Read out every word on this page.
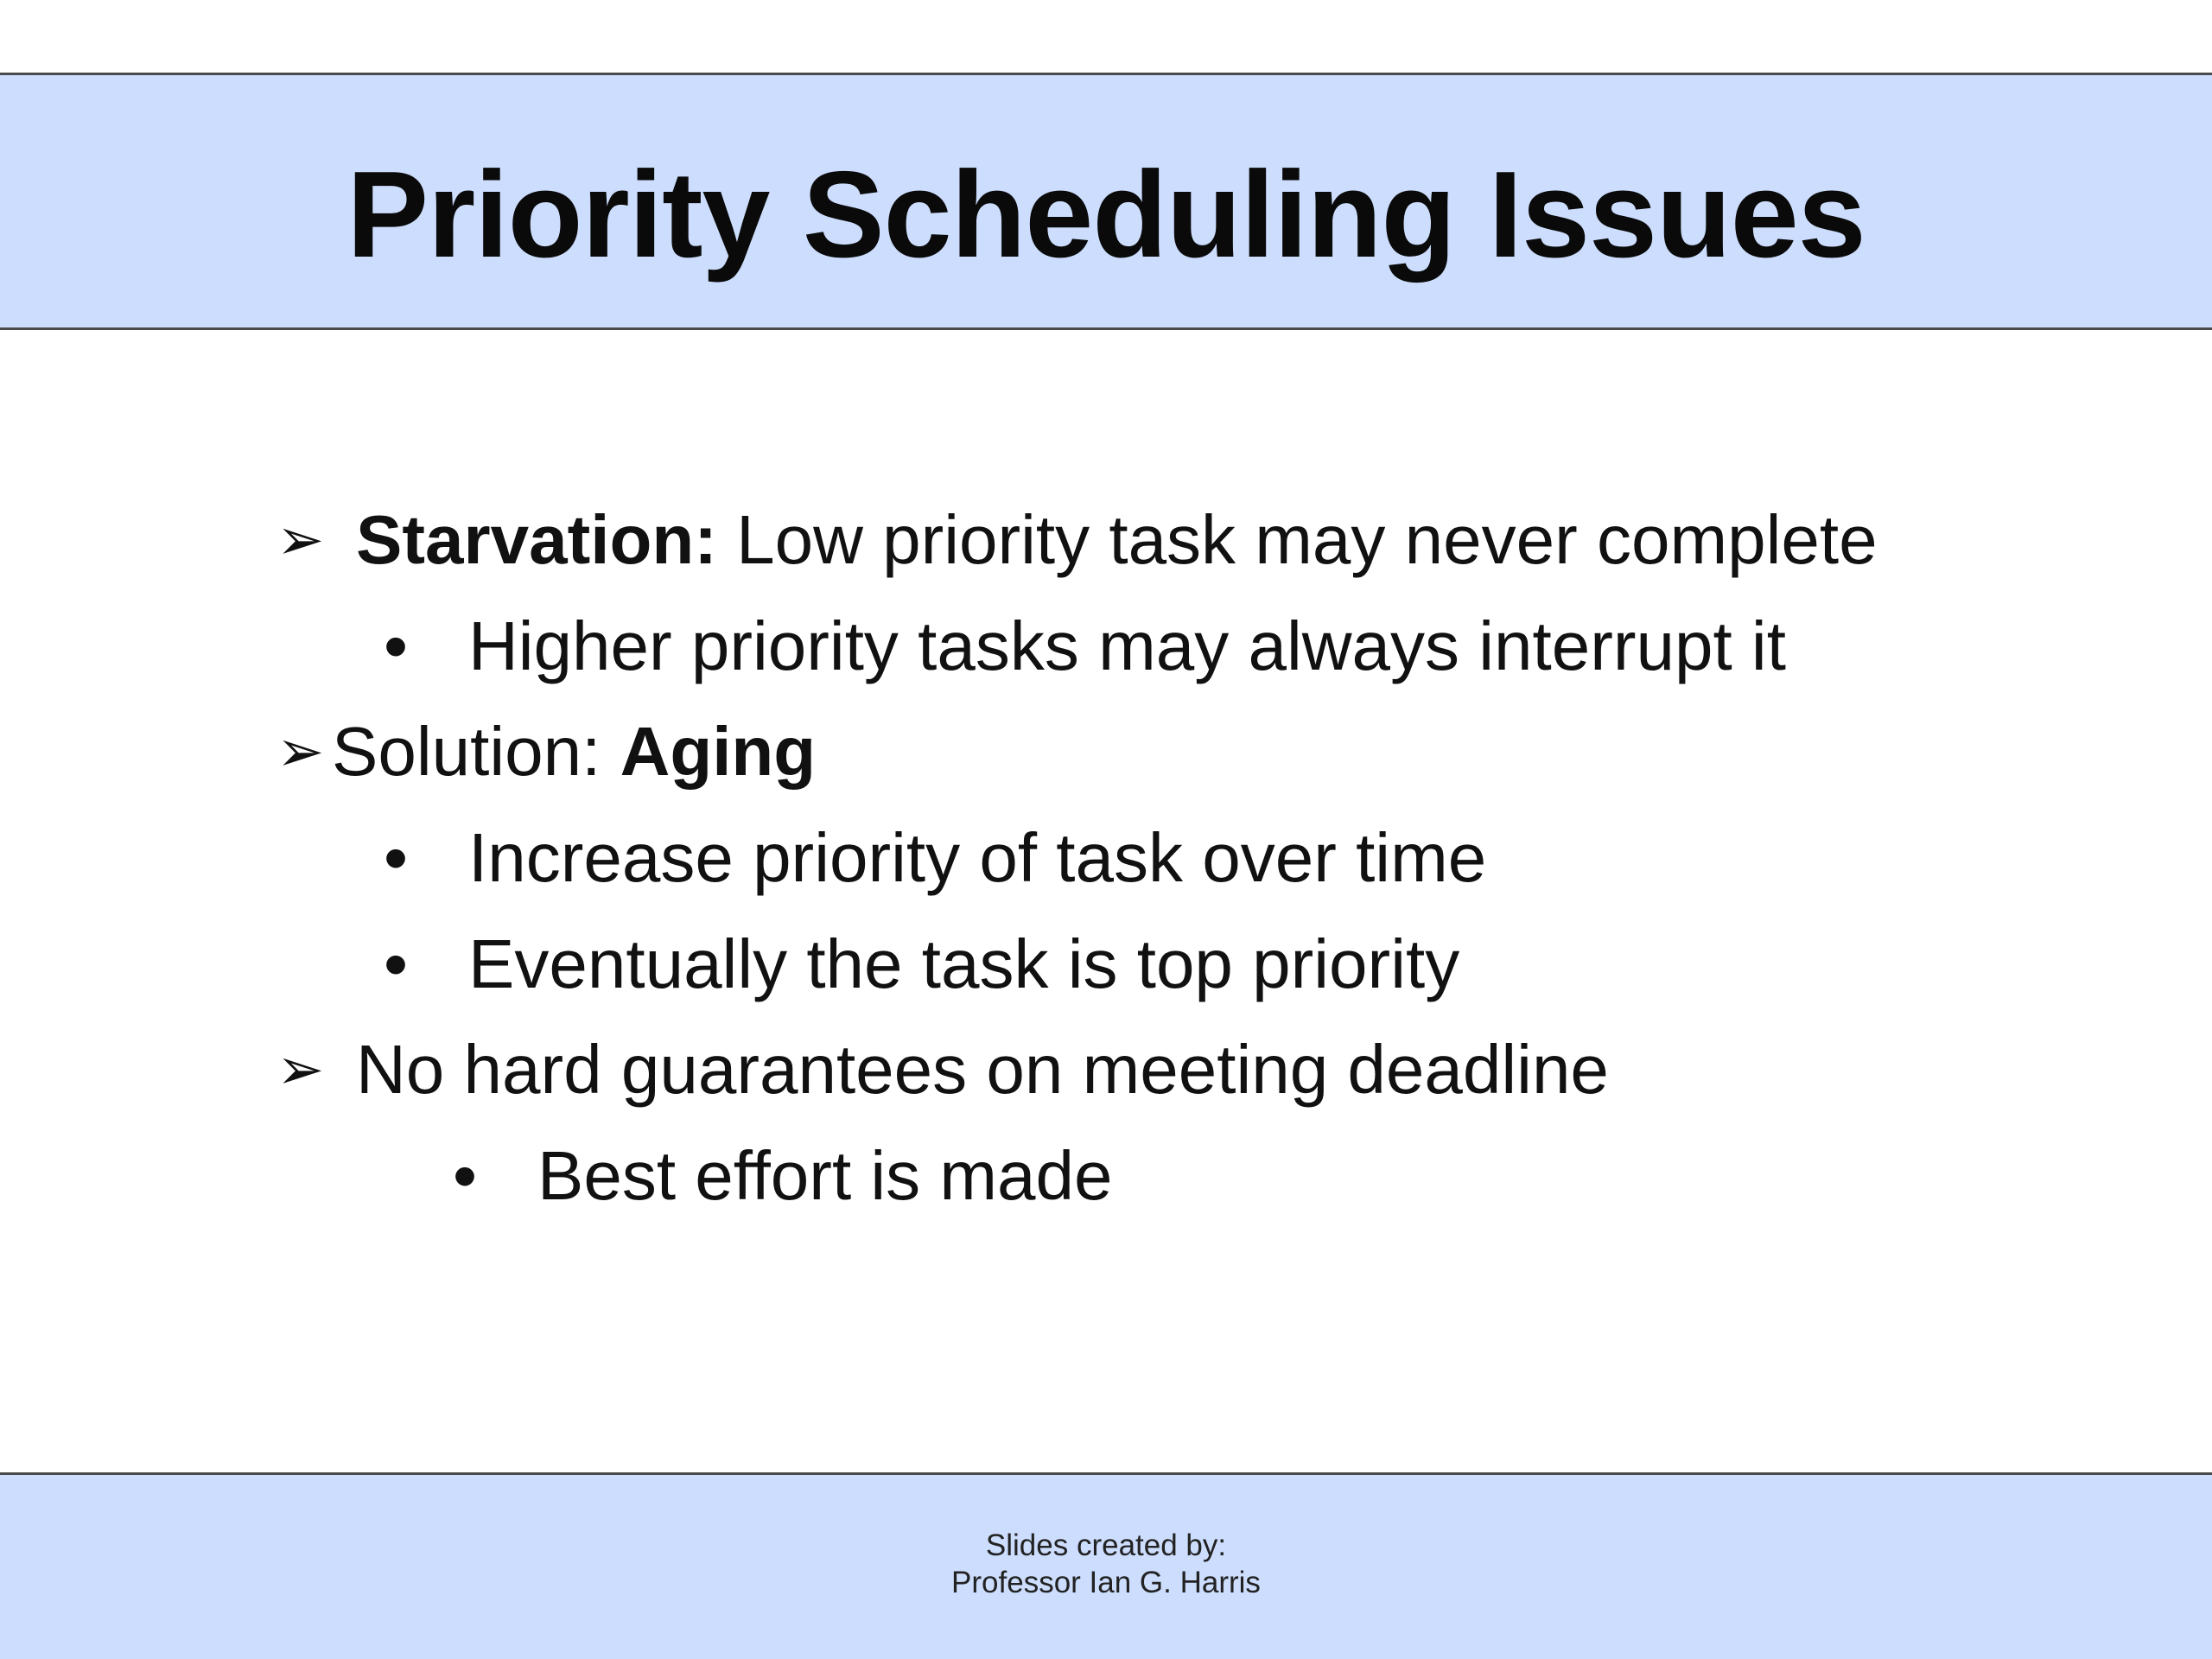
Priority Scheduling Issues
➢ Starvation: Low priority task may never complete
• Higher priority tasks may always interrupt it
➢ Solution: Aging
• Increase priority of task over time
• Eventually the task is top priority
➢ No hard guarantees on meeting deadline
• Best effort is made
Slides created by:
Professor Ian G. Harris
